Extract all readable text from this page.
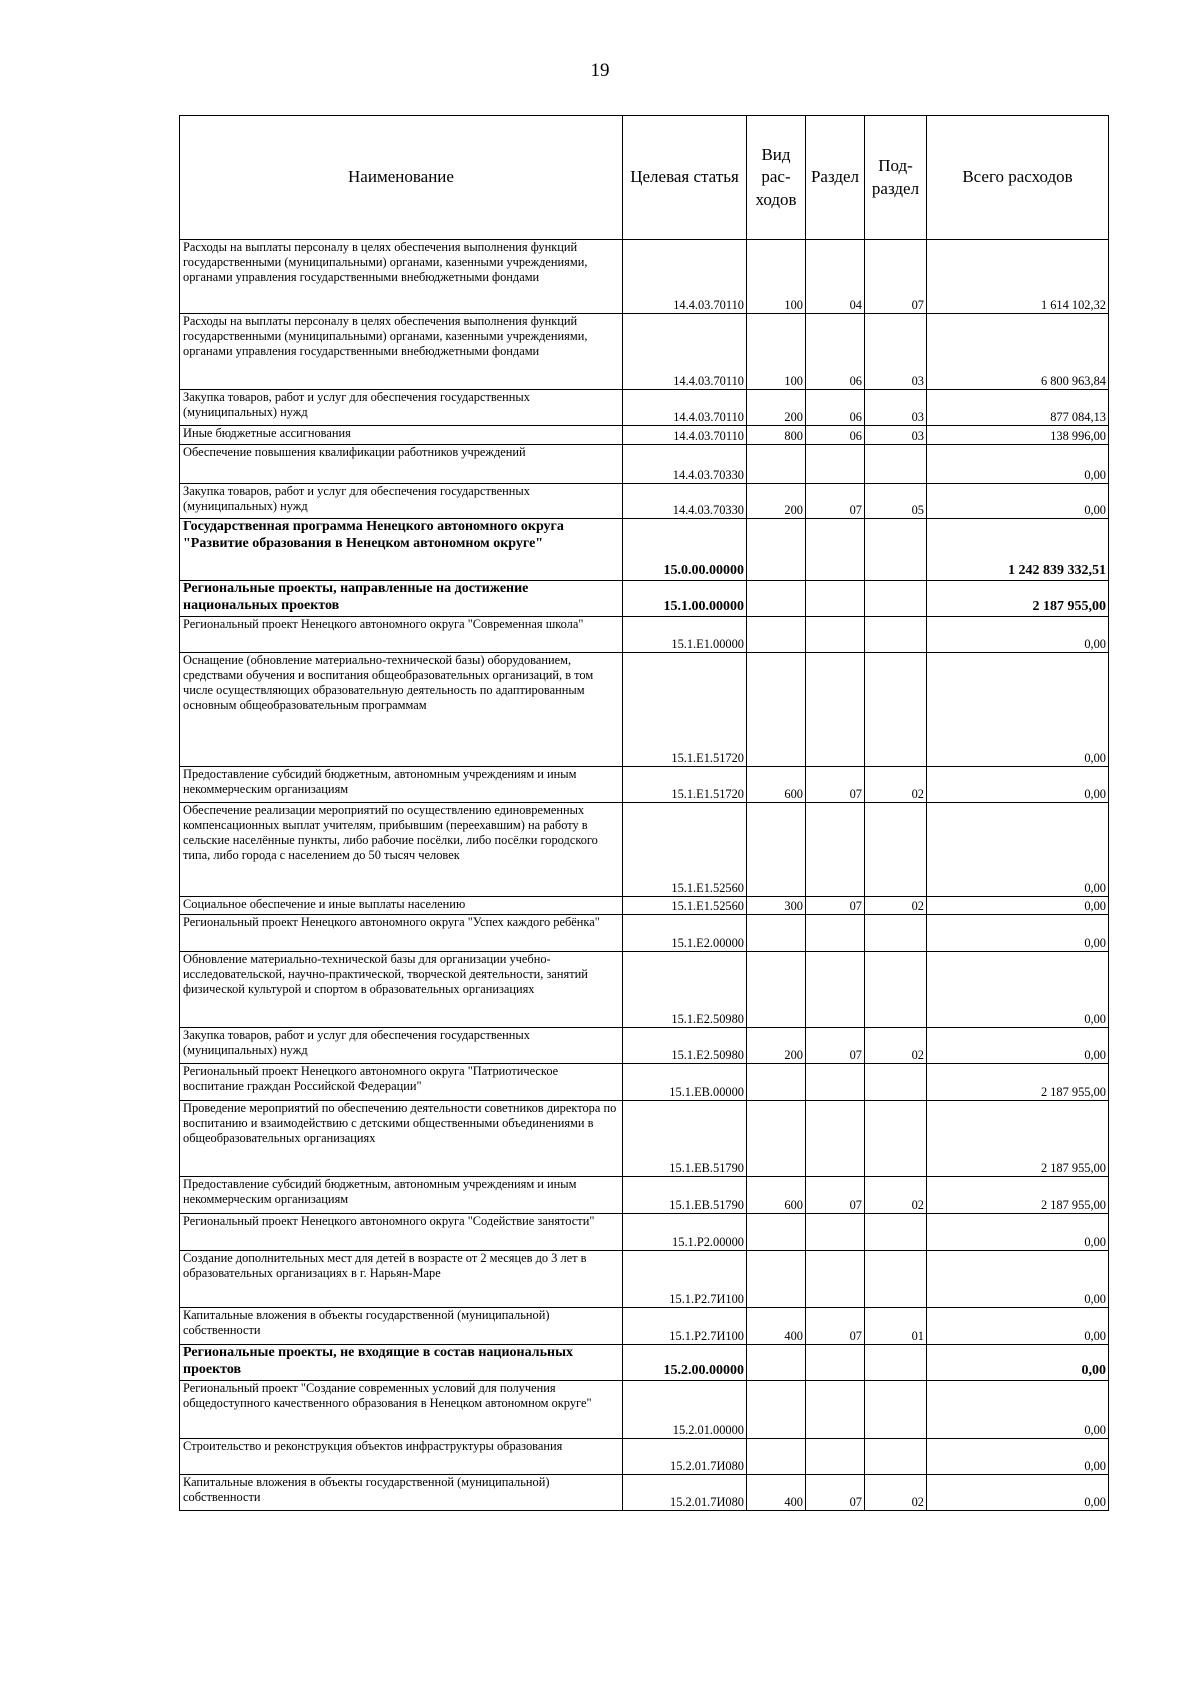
19
Наименование	Целевая статья	Вид рас- ходов	Раздел	Под- раздел	Всего расходов
Расходы на выплаты персоналу в целях обеспечения выполнения функций государственными (муниципальными) органами, казенными учреждениями, органами управления государственными внебюджетными фондами	14.4.03.70110	100	04	07	1 614 102,32
Расходы на выплаты персоналу в целях обеспечения выполнения функций государственными (муниципальными) органами, казенными учреждениями, органами управления государственными внебюджетными фондами	14.4.03.70110	100	06	03	6 800 963,84
Закупка товаров, работ и услуг для обеспечения государственных (муниципальных) нужд	14.4.03.70110	200	06	03	877 084,13
Иные бюджетные ассигнования	14.4.03.70110	800	06	03	138 996,00
Обеспечение повышения квалификации работников учреждений	14.4.03.70330				0,00
Закупка товаров, работ и услуг для обеспечения государственных (муниципальных) нужд	14.4.03.70330	200	07	05	0,00
Государственная программа Ненецкого автономного округа "Развитие образования в Ненецком автономном округе"	15.0.00.00000				1 242 839 332,51
Региональные проекты, направленные на достижение национальных проектов	15.1.00.00000				2 187 955,00
Региональный проект Ненецкого автономного округа "Современная школа"	15.1.E1.00000				0,00
Оснащение (обновление материально-технической базы) оборудованием, средствами обучения и воспитания общеобразовательных организаций, в том числе осуществляющих образовательную деятельность по адаптированным основным общеобразовательным программам	15.1.E1.51720				0,00
Предоставление субсидий бюджетным, автономным учреждениям и иным некоммерческим организациям	15.1.E1.51720	600	07	02	0,00
Обеспечение реализации мероприятий по осуществлению единовременных компенсационных выплат учителям, прибывшим (переехавшим) на работу в сельские населённые пункты, либо рабочие посёлки, либо посёлки городского типа, либо города с населением до 50 тысяч человек	15.1.E1.52560				0,00
Социальное обеспечение и иные выплаты населению	15.1.E1.52560	300	07	02	0,00
Региональный проект Ненецкого автономного округа "Успех каждого ребёнка"	15.1.E2.00000				0,00
Обновление материально-технической базы для организации учебно-исследовательской, научно-практической, творческой деятельности, занятий физической культурой и спортом в образовательных организациях	15.1.E2.50980				0,00
Закупка товаров, работ и услуг для обеспечения государственных (муниципальных) нужд	15.1.E2.50980	200	07	02	0,00
Региональный проект Ненецкого автономного округа "Патриотическое воспитание граждан Российской Федерации"	15.1.EB.00000				2 187 955,00
Проведение мероприятий по обеспечению деятельности советников директора по воспитанию и взаимодействию с детскими общественными объединениями в общеобразовательных организациях	15.1.EB.51790				2 187 955,00
Предоставление субсидий бюджетным, автономным учреждениям и иным некоммерческим организациям	15.1.EB.51790	600	07	02	2 187 955,00
Региональный проект Ненецкого автономного округа "Содействие занятости"	15.1.P2.00000				0,00
Создание дополнительных мест для детей в возрасте от 2 месяцев до 3 лет в образовательных организациях в г. Нарьян-Маре	15.1.P2.7И100				0,00
Капитальные вложения в объекты государственной (муниципальной) собственности	15.1.P2.7И100	400	07	01	0,00
Региональные проекты, не входящие в состав национальных проектов	15.2.00.00000				0,00
Региональный проект "Создание современных условий для получения общедоступного качественного образования в Ненецком автономном округе"	15.2.01.00000				0,00
Строительство и реконструкция объектов инфраструктуры образования	15.2.01.7И080				0,00
Капитальные вложения в объекты государственной (муниципальной) собственности	15.2.01.7И080	400	07	02	0,00
